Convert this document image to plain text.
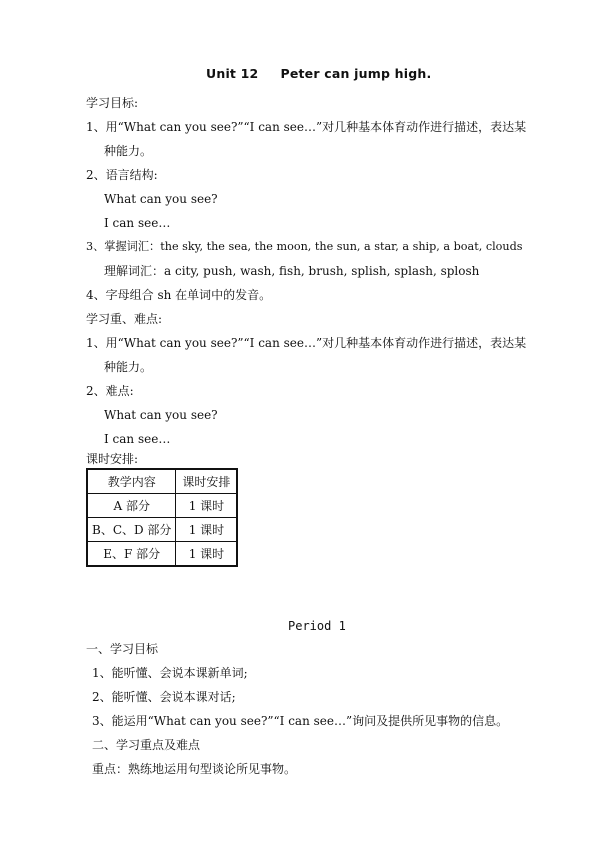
Unit 12 Peter can jump high.
学习目标:
1、用“What can you see?”“I can see…”对几种基本体育动作进行描述，表达某
种能力。
2、语言结构:
What can you see?
I can see…
3、掌握词汇：the sky, the sea, the moon, the sun, a star, a ship, a boat, clouds
理解词汇：a city, push, wash, fish, brush, splish, splash, splosh
4、字母组合 sh 在单词中的发音。
学习重、难点:
1、用“What can you see?”“I can see…”对几种基本体育动作进行描述，表达某
种能力。
2、难点:
What can you see?
I can see…
课时安排:
教学内容	课时安排
A 部分	1 课时
B、C、D 部分	1 课时
E、F 部分	1 课时
Period 1
一、学习目标
1、能听懂、会说本课新单词;
2、能听懂、会说本课对话;
3、能运用“What can you see?”“I can see…”询问及提供所见事物的信息。
二、学习重点及难点
重点：熟练地运用句型谈论所见事物。
